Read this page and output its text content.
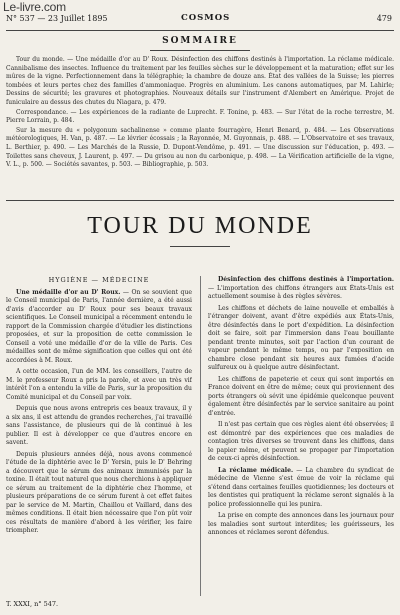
Le-livre.com
N° 537 — 23 Juillet 1895	COSMOS	479
SOMMAIRE

Tour du monde. — Une médaille d'or au D' Roux. Désinfection des chiffons destinés à l'importation. La réclame médicale. Cannibalisme des insectes. Influence du traitement par les feuilles sèches sur le développement et la maturation; effet sur les mûres de la vigne. Perfectionnement dans la télégraphie; la chambre de douze ans. État des vallées de la Suisse; les pierres tombées et leurs pertes chez des familles d'ammoniaque. Progrès en aluminium. Les canons automatiques, par M. Lahirle; Dessins de sécurité; les gravures et photographies. Nouveaux détails sur l'instrument d'Alembert en Amérique. Projet de funiculaire au dessus des chutes du Niagara, p. 479.

Correspondance. — Les expériences de la radiante de Luprecht. F. Tonine, p. 483. — Sur l'état de la roche terrestre, M. Pierre Lorrain, p. 484.

Sur la mesure du « polygonum sachalinense » comme plante fourragère, Henri Benard, p. 484. — Les Observations météorologiques, H. Van, p. 487. — Le lévrier écossais ; la Rayonnée, M. Guyonnais, p. 488. — L'Observatoire et ses travaux, L. Berthier, p. 490. — Les Marchés de la Russie, D. Dupont-Vendôme, p. 491. — Une discussion sur l'éducation, p. 493. — Toilettes sans cheveux, J. Laurent, p. 497. — Du grisou au non du carbonique, p. 498. — La Vérification artificielle de la vigne, V. L., p. 500. — Sociétés savantes, p. 503. — Bibliographie, p. 503.

TOUR DU MONDE
HYGIÈNE — MÉDECINE

Une médaille d'or au D' Roux. — On se souvient que le Conseil municipal de Paris, l'année dernière, a été aussi d'avis d'accorder au D' Roux pour ses beaux travaux scientifiques. Le Conseil municipal a récemment entendu le rapport de la Commission chargée d'étudier les distinctions proposées, et sur la proposition de cette commission le Conseil a voté une médaille d'or de la ville de Paris. Ces médailles sont de même signification que celles qui ont été accordées à M. Roux.

A cette occasion, l'un de MM. les conseillers, l'autre de M. le professeur Roux a pris la parole, et avec un très vif intérêt l'on a entendu la ville de Paris, sur la proposition du Comité municipal et du Conseil par voix.

Depuis que nous avons entrepris ces beaux travaux, il y a six ans, il est attendu de grandes recherches, j'ai travaillé sans l'assistance, de plusieurs qui de là continué à les publier. Il est à développer ce que d'autres encore en savent.

Depuis plusieurs années déjà, nous avons commencé l'étude de la diphtérie avec le D' Yersin, puis le D' Behring a découvert que le sérum des animaux immunisés par la toxine. Il était tout naturel que nous cherchions à appliquer ce sérum au traitement de la diphtérie chez l'homme, et plusieurs préparations de ce sérum furent à cet effet faites par le service de M. Martin, Chaillou et Vaillard, dans des mêmes conditions. Il était bien nécessaire que l'on pût voir ces résultats de manière d'abord à les vérifier, les faire triompher.

Désinfection des chiffons destinés à l'importation. — L'importation des chiffons étrangers aux États-Unis est actuellement soumise à des règles sévères.

Les chiffons et déchets de laine nouvelle et emballés à l'étranger doivent, avant d'être expédiés aux États-Unis, être désinfectés dans le port d'expédition. La désinfection doit se faire, soit par l'immersion dans l'eau bouillante pendant trente minutes, soit par l'action d'un courant de vapeur pendant le même temps, ou par l'exposition en chambre close pendant six heures aux fumées d'acide sulfureux ou à quelque autre désinfectant.

Les chiffons de papeterie et ceux qui sont importés en France doivent en être de même; ceux qui proviennent des ports étrangers où sévit une épidémie quelconque peuvent également être désinfectés par le service sanitaire au point d'entrée.

Il n'est pas certain que ces règles aient été observées; il est démontré par des expériences que ces maladies de contagion très diverses se trouvent dans les chiffons, dans le papier même, et peuvent se propager par l'importation de ceux-ci après désinfection.

La réclame médicale. — La chambre du syndicat de médecine de Vienne s'est émue de voir la réclame qui s'étend dans certaines feuilles quotidiennes; les docteurs et les dentistes qui pratiquent la réclame seront signalés à la police professionnelle qui les punira.

La prise en compte des annonces dans les journaux pour les maladies sont surtout interdites; les guérisseurs, les annonces et réclames seront défendus.

T. XXXI, n° 547.
